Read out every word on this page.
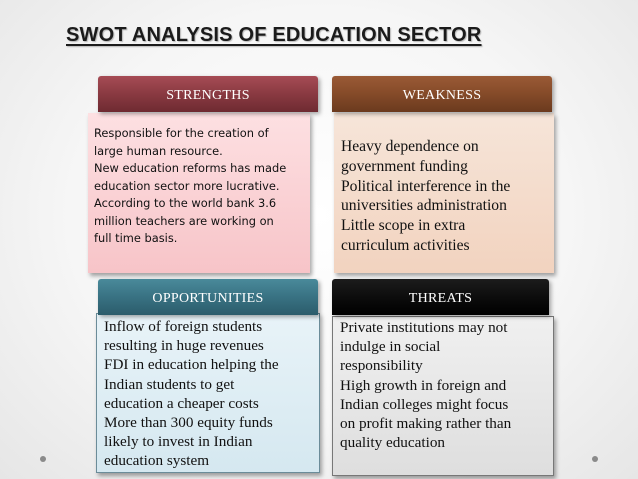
SWOT ANALYSIS OF EDUCATION SECTOR
Responsible for the creation of
large human resource.
New education reforms has made
education sector more lucrative.
According to the world bank 3.6
million teachers are working on
full time basis.
STRENGTHS
Heavy dependence on
government funding
Political interference in the
universities administration
Little scope in extra
curriculum activities
WEAKNESS
Inflow of foreign students
resulting in huge revenues
FDI in education helping the
Indian students to get
education a cheaper costs
More than 300 equity funds
likely to invest in Indian
education system
OPPORTUNITIES
Private institutions may not
indulge in social
responsibility
High growth in foreign and
Indian colleges might focus
on profit making rather than
quality education
THREATS
